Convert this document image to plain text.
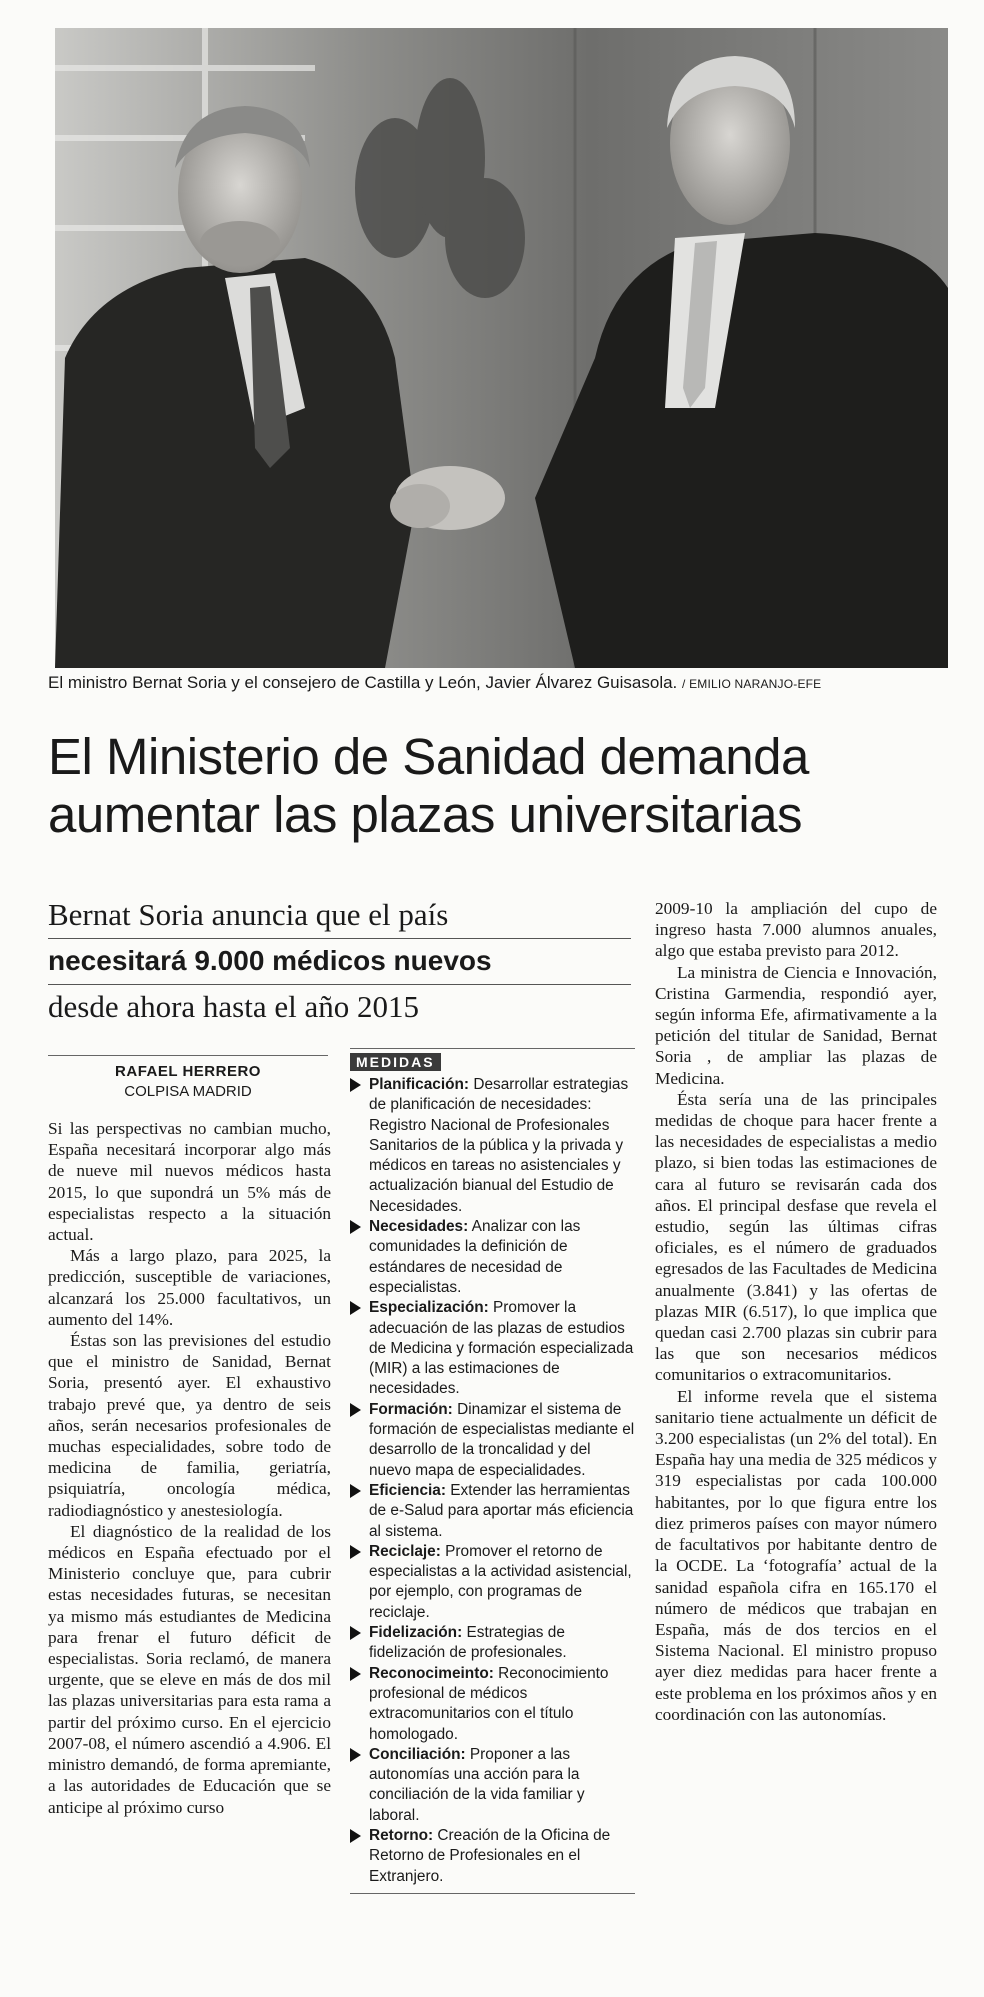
El ministro Bernat Soria y el consejero de Castilla y León, Javier Álvarez Guisasola. / EMILIO NARANJO-EFE
El Ministerio de Sanidad demanda
aumentar las plazas universitarias
Bernat Soria anuncia que el país
necesitará 9.000 médicos nuevos
desde ahora hasta el año 2015
RAFAEL HERRERO
COLPISA MADRID

Si las perspectivas no cambian mucho, España necesitará incorporar algo más de nueve mil nuevos médicos hasta 2015, lo que supondrá un 5% más de especialistas respecto a la situación actual.

Más a largo plazo, para 2025, la predicción, susceptible de variaciones, alcanzará los 25.000 facultativos, un aumento del 14%.

Éstas son las previsiones del estudio que el ministro de Sanidad, Bernat Soria, presentó ayer. El exhaustivo trabajo prevé que, ya dentro de seis años, serán necesarios profesionales de muchas especialidades, sobre todo de medicina de familia, geriatría, psiquiatría, oncología médica, radiodiagnóstico y anestesiología.

El diagnóstico de la realidad de los médicos en España efectuado por el Ministerio concluye que, para cubrir estas necesidades futuras, se necesitan ya mismo más estudiantes de Medicina para frenar el futuro déficit de especialistas. Soria reclamó, de manera urgente, que se eleve en más de dos mil las plazas universitarias para esta rama a partir del próximo curso. En el ejercicio 2007-08, el número ascendió a 4.906. El ministro demandó, de forma apremiante, a las autoridades de Educación que se anticipe al próximo curso

MEDIDAS
Planificación: Desarrollar estrategias de planificación de necesidades: Registro Nacional de Profesionales Sanitarios de la pública y la privada y médicos en tareas no asistenciales y actualización bianual del Estudio de Necesidades.
Necesidades: Analizar con las comunidades la definición de estándares de necesidad de especialistas.
Especialización: Promover la adecuación de las plazas de estudios de Medicina y formación especializada (MIR) a las estimaciones de necesidades.
Formación: Dinamizar el sistema de formación de especialistas mediante el desarrollo de la troncalidad y del nuevo mapa de especialidades.
Eficiencia: Extender las herramientas de e-Salud para aportar más eficiencia al sistema.
Reciclaje: Promover el retorno de especialistas a la actividad asistencial, por ejemplo, con programas de reciclaje.
Fidelización: Estrategias de fidelización de profesionales.
Reconocimeinto: Reconocimiento profesional de médicos extracomunitarios con el título homologado.
Conciliación: Proponer a las autonomías una acción para la conciliación de la vida familiar y laboral.
Retorno: Creación de la Oficina de Retorno de Profesionales en el Extranjero.

2009-10 la ampliación del cupo de ingreso hasta 7.000 alumnos anuales, algo que estaba previsto para 2012.

La ministra de Ciencia e Innovación, Cristina Garmendia, respondió ayer, según informa Efe, afirmativamente a la petición del titular de Sanidad, Bernat Soria , de ampliar las plazas de Medicina.

Ésta sería una de las principales medidas de choque para hacer frente a las necesidades de especialistas a medio plazo, si bien todas las estimaciones de cara al futuro se revisarán cada dos años. El principal desfase que revela el estudio, según las últimas cifras oficiales, es el número de graduados egresados de las Facultades de Medicina anualmente (3.841) y las ofertas de plazas MIR (6.517), lo que implica que quedan casi 2.700 plazas sin cubrir para las que son necesarios médicos comunitarios o extracomunitarios.

El informe revela que el sistema sanitario tiene actualmente un déficit de 3.200 especialistas (un 2% del total). En España hay una media de 325 médicos y 319 especialistas por cada 100.000 habitantes, por lo que figura entre los diez primeros países con mayor número de facultativos por habitante dentro de la OCDE. La ‘fotografía’ actual de la sanidad española cifra en 165.170 el número de médicos que trabajan en España, más de dos tercios en el Sistema Nacional. El ministro propuso ayer diez medidas para hacer frente a este problema en los próximos años y en coordinación con las autonomías.
